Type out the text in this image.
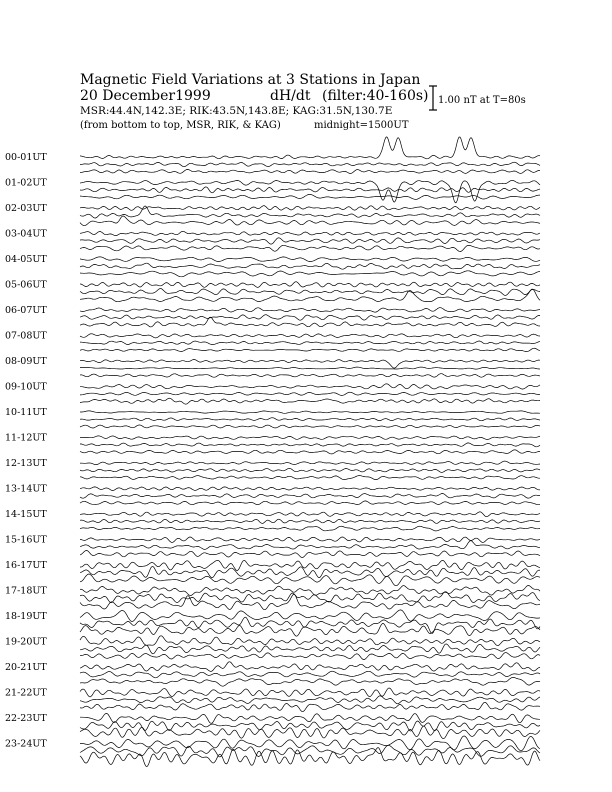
Magnetic Field Variations at 3 Stations in Japan
20 December1999	dH/dt (filter:40-160s)
MSR:44.4N,142.3E; RIK:43.5N,143.8E; KAG:31.5N,130.7E
(from bottom to top, MSR, RIK, & KAG)	midnight=1500UT
1.00 nT at T=80s
00-01UT
01-02UT
02-03UT
03-04UT
04-05UT
05-06UT
06-07UT
07-08UT
08-09UT
09-10UT
10-11UT
11-12UT
12-13UT
13-14UT
14-15UT
15-16UT
16-17UT
17-18UT
18-19UT
19-20UT
20-21UT
21-22UT
22-23UT
23-24UT
